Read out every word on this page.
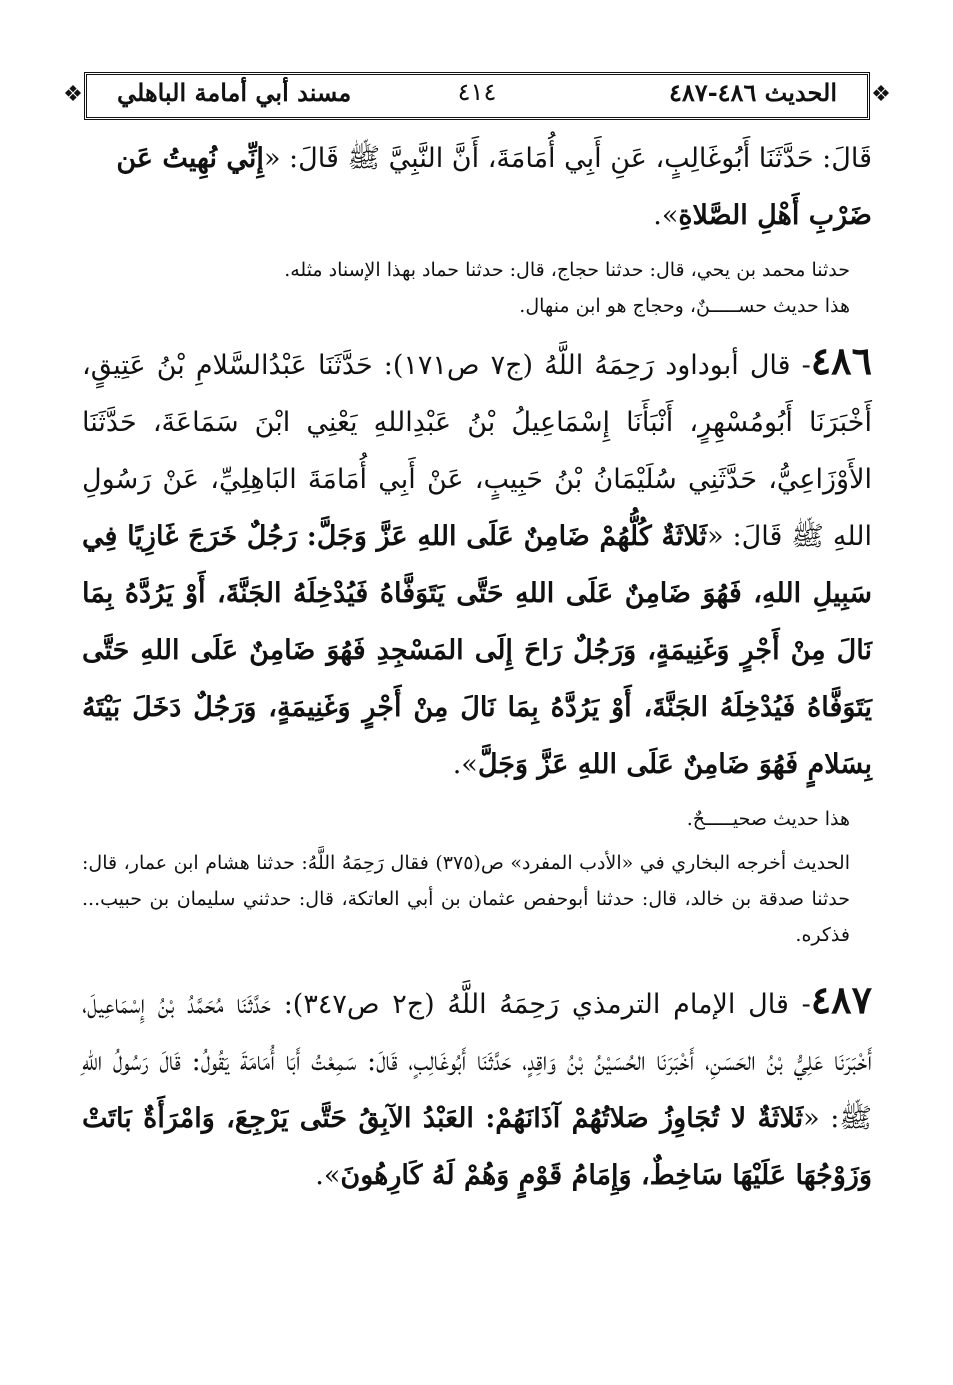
❖	❖
الحديث ٤٨٦-٤٨٧
٤١٤
مسند أبي أمامة الباهلي

قَالَ: حَدَّثَنَا أَبُوغَالِبٍ، عَنِ أَبِي أُمَامَةَ، أَنَّ النَّبِيَّ ﷺ قَالَ: «إِنِّي نُهِيتُ عَن ضَرْبِ أَهْلِ الصَّلاةِ».

حدثنا محمد بن يحي، قال: حدثنا حجاج، قال: حدثنا حماد بهذا الإسناد مثله.

هذا حديث حســـــنٌ، وحجاج هو ابن منهال.

٤٨٦- قال أبوداود رَحِمَهُ اللَّهُ (ج٧ ص١٧١): حَدَّثَنَا عَبْدُالسَّلامِ بْنُ عَتِيقٍ، أَخْبَرَنَا أَبُومُسْهِرٍ، أَنْبَأَنَا إِسْمَاعِيلُ بْنُ عَبْدِاللهِ يَعْنِي ابْنَ سَمَاعَةَ، حَدَّثَنَا الأَوْزَاعِيُّ، حَدَّثَنِي سُلَيْمَانُ بْنُ حَبِيبٍ، عَنْ أَبِي أُمَامَةَ البَاهِلِيِّ، عَنْ رَسُولِ اللهِ ﷺ قَالَ: «ثَلاثَةٌ كُلُّهُمْ ضَامِنٌ عَلَى اللهِ عَزَّ وَجَلَّ: رَجُلٌ خَرَجَ غَازِيًا فِي سَبِيلِ اللهِ، فَهُوَ ضَامِنٌ عَلَى اللهِ حَتَّى يَتَوَفَّاهُ فَيُدْخِلَهُ الجَنَّةَ، أَوْ يَرُدَّهُ بِمَا نَالَ مِنْ أَجْرٍ وَغَنِيمَةٍ، وَرَجُلٌ رَاحَ إِلَى المَسْجِدِ فَهُوَ ضَامِنٌ عَلَى اللهِ حَتَّى يَتَوَفَّاهُ فَيُدْخِلَهُ الجَنَّةَ، أَوْ يَرُدَّهُ بِمَا نَالَ مِنْ أَجْرٍ وَغَنِيمَةٍ، وَرَجُلٌ دَخَلَ بَيْتَهُ بِسَلامٍ فَهُوَ ضَامِنٌ عَلَى اللهِ عَزَّ وَجَلَّ».

هذا حديث صحيـــــحٌ.

الحديث أخرجه البخاري في «الأدب المفرد» ص(٣٧٥) فقال رَحِمَهُ اللَّهُ: حدثنا هشام ابن عمار، قال: حدثنا صدقة بن خالد، قال: حدثنا أبوحفص عثمان بن أبي العاتكة، قال: حدثني سليمان بن حبيب... فذكره.

٤٨٧- قال الإمام الترمذي رَحِمَهُ اللَّهُ (ج٢ ص٣٤٧): حَدَّثَنَا مُحَمَّدُ بْنُ إِسْمَاعِيلَ، أَخْبَرَنَا عَلِيُّ بْنُ الحَسَنِ، أَخْبَرَنَا الحُسَيْنُ بْنُ وَاقِدٍ، حَدَّثَنَا أَبُوغَالِبٍ، قَالَ: سَمِعْتُ أَبَا أُمَامَةَ يَقُولُ: قَالَ رَسُولُ اللهِ ﷺ: «ثَلاثَةٌ لا تُجَاوِزُ صَلاتُهُمْ آذَانَهُمْ: العَبْدُ الآبِقُ حَتَّى يَرْجِعَ، وَامْرَأَةٌ بَاتَتْ وَزَوْجُهَا عَلَيْهَا سَاخِطٌ، وَإِمَامُ قَوْمٍ وَهُمْ لَهُ كَارِهُونَ».
